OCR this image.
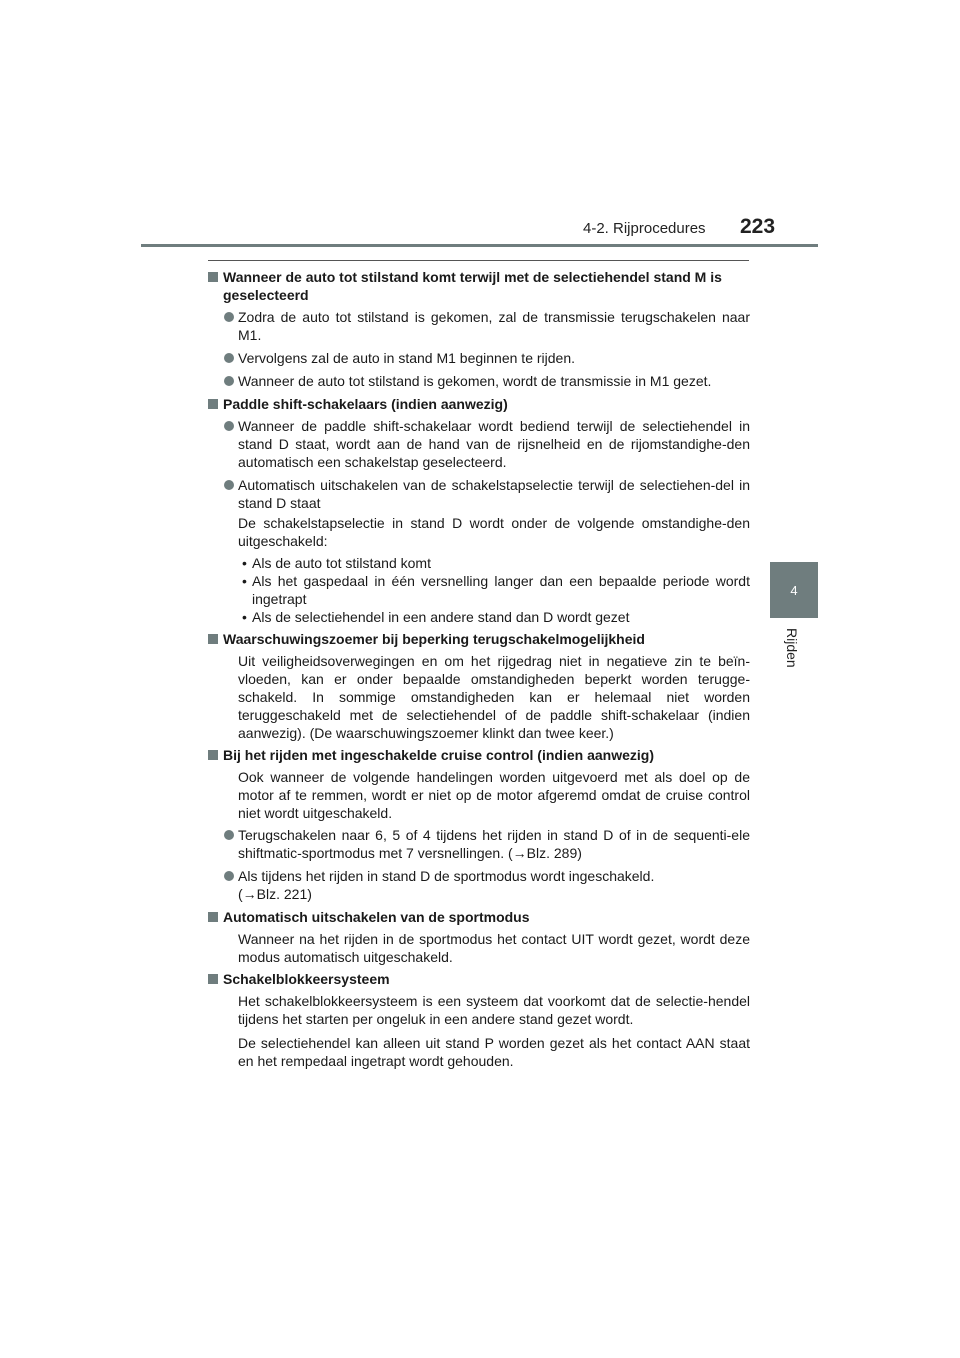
4-2. Rijprocedures 223
4
Rijden
Wanneer de auto tot stilstand komt terwijl met de selectiehendel stand M is geselecteerd
Zodra de auto tot stilstand is gekomen, zal de transmissie terugschakelen naar M1.
Vervolgens zal de auto in stand M1 beginnen te rijden.
Wanneer de auto tot stilstand is gekomen, wordt de transmissie in M1 gezet.
Paddle shift-schakelaars (indien aanwezig)
Wanneer de paddle shift-schakelaar wordt bediend terwijl de selectiehendel in stand D staat, wordt aan de hand van de rijsnelheid en de rijomstandighe-den automatisch een schakelstap geselecteerd.
Automatisch uitschakelen van de schakelstapselectie terwijl de selectiehen-del in stand D staat
De schakelstapselectie in stand D wordt onder de volgende omstandighe-den uitgeschakeld:
• Als de auto tot stilstand komt
• Als het gaspedaal in één versnelling langer dan een bepaalde periode wordt ingetrapt
• Als de selectiehendel in een andere stand dan D wordt gezet
Waarschuwingszoemer bij beperking terugschakelmogelijkheid
Uit veiligheidsoverwegingen en om het rijgedrag niet in negatieve zin te beïn-vloeden, kan er onder bepaalde omstandigheden beperkt worden terugge-schakeld. In sommige omstandigheden kan er helemaal niet worden teruggeschakeld met de selectiehendel of de paddle shift-schakelaar (indien aanwezig). (De waarschuwingszoemer klinkt dan twee keer.)
Bij het rijden met ingeschakelde cruise control (indien aanwezig)
Ook wanneer de volgende handelingen worden uitgevoerd met als doel op de motor af te remmen, wordt er niet op de motor afgeremd omdat de cruise control niet wordt uitgeschakeld.
Terugschakelen naar 6, 5 of 4 tijdens het rijden in stand D of in de sequenti-ele shiftmatic-sportmodus met 7 versnellingen. (→Blz. 289)
Als tijdens het rijden in stand D de sportmodus wordt ingeschakeld.
(→Blz. 221)
Automatisch uitschakelen van de sportmodus
Wanneer na het rijden in de sportmodus het contact UIT wordt gezet, wordt deze modus automatisch uitgeschakeld.
Schakelblokkeersysteem
Het schakelblokkeersysteem is een systeem dat voorkomt dat de selectie-hendel tijdens het starten per ongeluk in een andere stand gezet wordt.
De selectiehendel kan alleen uit stand P worden gezet als het contact AAN staat en het rempedaal ingetrapt wordt gehouden.
